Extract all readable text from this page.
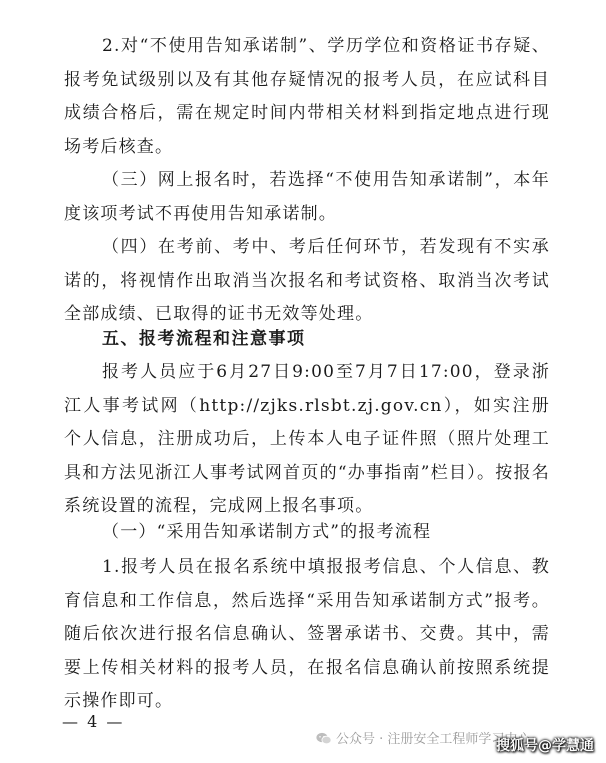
2.对“不使用告知承诺制”、学历学位和资格证书存疑、报考免试级别以及有其他存疑情况的报考人员，在应试科目成绩合格后，需在规定时间内带相关材料到指定地点进行现场考后核查。

（三）网上报名时，若选择“不使用告知承诺制”，本年度该项考试不再使用告知承诺制。

（四）在考前、考中、考后任何环节，若发现有不实承诺的，将视情作出取消当次报名和考试资格、取消当次考试全部成绩、已取得的证书无效等处理。

五、报考流程和注意事项

报考人员应于6月27日9:00至7月7日17:00，登录浙江人事考试网（http://zjks.rlsbt.zj.gov.cn），如实注册个人信息，注册成功后，上传本人电子证件照（照片处理工具和方法见浙江人事考试网首页的“办事指南”栏目）。按报名系统设置的流程，完成网上报名事项。

（一）“采用告知承诺制方式”的报考流程

1.报考人员在报名系统中填报报考信息、个人信息、教育信息和工作信息，然后选择“采用告知承诺制方式”报考。随后依次进行报名信息确认、签署承诺书、交费。其中，需要上传相关材料的报考人员，在报名信息确认前按照系统提示操作即可。

— 4 —
公众号 · 注册安全工程师学习中心
搜狐号@学慧通
